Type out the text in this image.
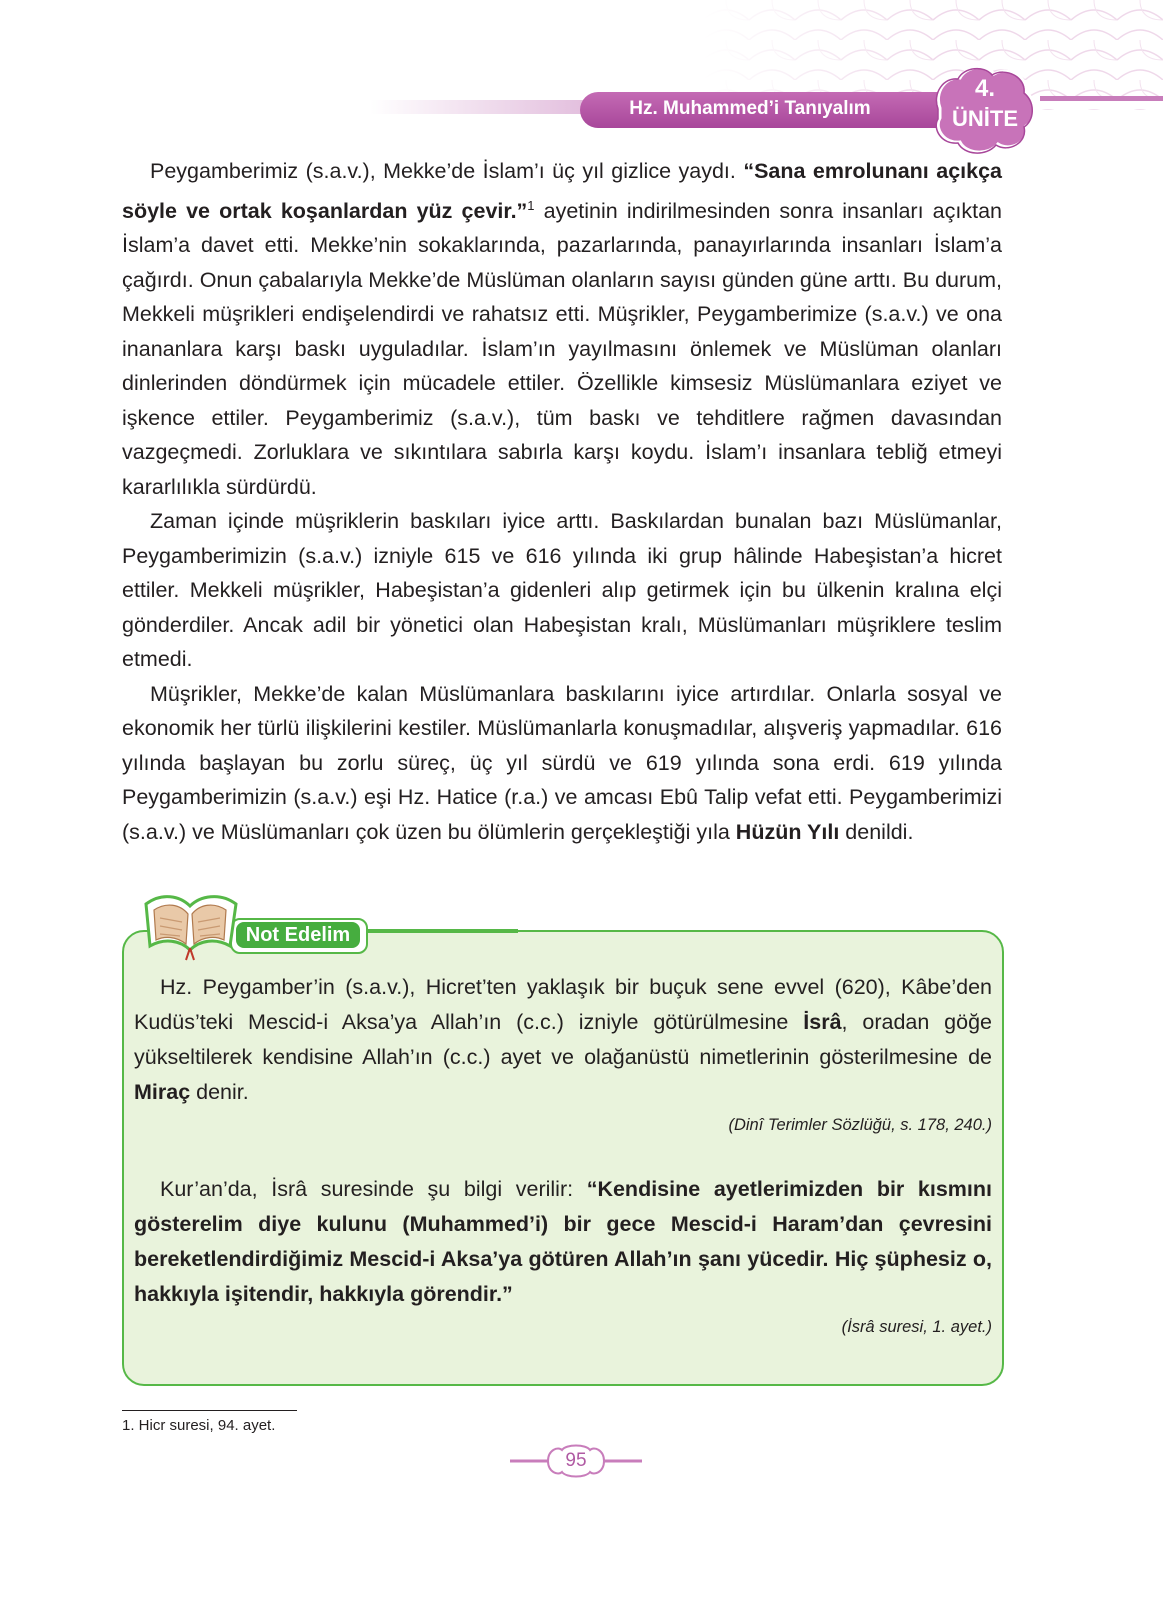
Hz. Muhammed’i Tanıyalım
4.
ÜNİTE

Peygamberimiz (s.a.v.), Mekke’de İslam’ı üç yıl gizlice yaydı. “Sana emrolunanı açıkça söyle ve ortak koşanlardan yüz çevir.”$^1$ ayetinin indirilmesinden sonra insanları açıktan İslam’a davet etti. Mekke’nin sokaklarında, pazarlarında, panayırlarında insanları İslam’a çağırdı. Onun çabalarıyla Mekke’de Müslüman olanların sayısı günden güne arttı. Bu durum, Mekkeli müşrikleri endişelendirdi ve rahatsız etti. Müşrikler, Peygamberimize (s.a.v.) ve ona inananlara karşı baskı uyguladılar. İslam’ın yayılmasını önlemek ve Müslüman olanları dinlerinden döndürmek için mücadele ettiler. Özellikle kimsesiz Müslümanlara eziyet ve işkence ettiler. Peygamberimiz (s.a.v.), tüm baskı ve tehditlere rağmen davasından vazgeçmedi. Zorluklara ve sıkıntılara sabırla karşı koydu. İslam’ı insanlara tebliğ etmeyi kararlılıkla sürdürdü.

Zaman içinde müşriklerin baskıları iyice arttı. Baskılardan bunalan bazı Müslümanlar, Peygamberimizin (s.a.v.) izniyle 615 ve 616 yılında iki grup hâlinde Habeşistan’a hicret ettiler. Mekkeli müşrikler, Habeşistan’a gidenleri alıp getirmek için bu ülkenin kralına elçi gönderdiler. Ancak adil bir yönetici olan Habeşistan kralı, Müslümanları müşriklere teslim etmedi.

Müşrikler, Mekke’de kalan Müslümanlara baskılarını iyice artırdılar. Onlarla sosyal ve ekonomik her türlü ilişkilerini kestiler. Müslümanlarla konuşmadılar, alışveriş yapmadılar. 616 yılında başlayan bu zorlu süreç, üç yıl sürdü ve 619 yılında sona erdi. 619 yılında Peygamberimizin (s.a.v.) eşi Hz. Hatice (r.a.) ve amcası Ebû Talip vefat etti. Peygamberimizi (s.a.v.) ve Müslümanları çok üzen bu ölümlerin gerçekleştiği yıla Hüzün Yılı denildi.

Not Edelim

Hz. Peygamber’in (s.a.v.), Hicret’ten yaklaşık bir buçuk sene evvel (620), Kâbe’den Kudüs’teki Mescid-i Aksa’ya Allah’ın (c.c.) izniyle götürülmesine İsrâ, oradan göğe yükseltilerek kendisine Allah’ın (c.c.) ayet ve olağanüstü nimetlerinin gösterilmesine de Miraç denir.

(Dinî Terimler Sözlüğü, s. 178, 240.)

Kur’an’da, İsrâ suresinde şu bilgi verilir: “Kendisine ayetlerimizden bir kısmını gösterelim diye kulunu (Muhammed’i) bir gece Mescid-i Haram’dan çevresini bereketlendirdiğimiz Mescid-i Aksa’ya götüren Allah’ın şanı yücedir. Hiç şüphesiz o, hakkıyla işitendir, hakkıyla görendir.”

(İsrâ suresi, 1. ayet.)

1. Hicr suresi, 94. ayet.
95
